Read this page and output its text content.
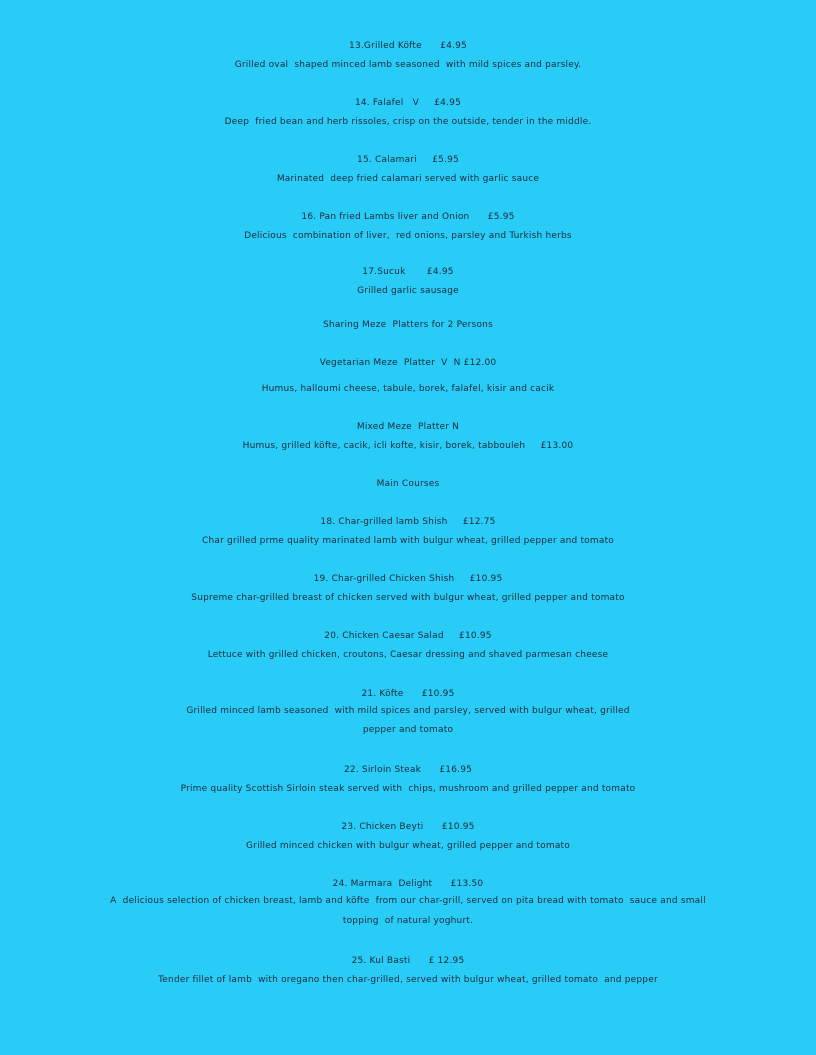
13.Grilled Köfte      £4.95
Grilled oval  shaped minced lamb seasoned  with mild spices and parsley.
14. Falafel   V     £4.95
Deep  fried bean and herb rissoles, crisp on the outside, tender in the middle.
15. Calamari     £5.95
Marinated  deep fried calamari served with garlic sauce
16. Pan fried Lambs liver and Onion      £5.95
Delicious  combination of liver,  red onions, parsley and Turkish herbs
17.Sucuk       £4.95
Grilled garlic sausage
Sharing Meze  Platters for 2 Persons
Vegetarian Meze  Platter  V  N £12.00
Humus, halloumi cheese, tabule, borek, falafel, kisir and cacik
Mixed Meze  Platter N
Humus, grilled köfte, cacik, icli kofte, kisir, borek, tabbouleh     £13.00
Main Courses
18. Char-grilled lamb Shish     £12.75
Char grilled prme quality marinated lamb with bulgur wheat, grilled pepper and tomato
19. Char-grilled Chicken Shish     £10.95
Supreme char-grilled breast of chicken served with bulgur wheat, grilled pepper and tomato
20. Chicken Caesar Salad     £10.95
Lettuce with grilled chicken, croutons, Caesar dressing and shaved parmesan cheese
21. Köfte      £10.95
Grilled minced lamb seasoned  with mild spices and parsley, served with bulgur wheat, grilled
pepper and tomato
22. Sirloin Steak      £16.95
Prime quality Scottish Sirloin steak served with  chips, mushroom and grilled pepper and tomato
23. Chicken Beyti      £10.95
Grilled minced chicken with bulgur wheat, grilled pepper and tomato
24. Marmara  Delight      £13.50
A  delicious selection of chicken breast, lamb and köfte  from our char-grill, served on pita bread with tomato  sauce and small
topping  of natural yoghurt.
25. Kul Basti      £ 12.95
Tender fillet of lamb  with oregano then char-grilled, served with bulgur wheat, grilled tomato  and pepper
